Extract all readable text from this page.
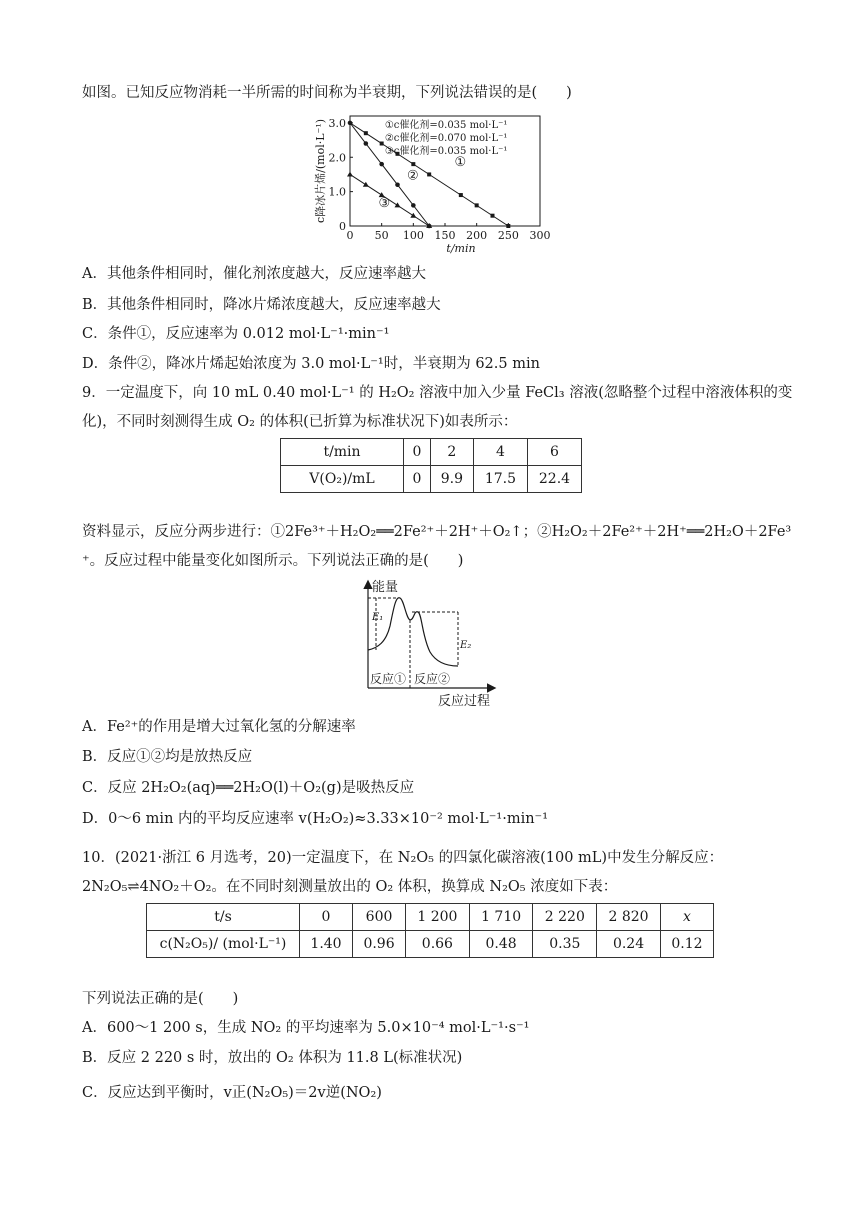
如图。已知反应物消耗一半所需的时间称为半衰期，下列说法错误的是(　　)
0 50 100 150 200 250 300
0
1.0
2.0
3.0
t/min
c降冰片烯/(mol·L⁻¹)	①
②
③
①c催化剂=0.035 mol·L⁻¹
②c催化剂=0.070 mol·L⁻¹
③c催化剂=0.035 mol·L⁻¹
A．其他条件相同时，催化剂浓度越大，反应速率越大
B．其他条件相同时，降冰片烯浓度越大，反应速率越大
C．条件①，反应速率为 0.012 mol·L⁻¹·min⁻¹
D．条件②，降冰片烯起始浓度为 3.0 mol·L⁻¹时，半衰期为 62.5 min
9．一定温度下，向 10 mL 0.40 mol·L⁻¹ 的 H₂O₂ 溶液中加入少量 FeCl₃ 溶液(忽略整个过程中溶液体积的变
化)，不同时刻测得生成 O₂ 的体积(已折算为标准状况下)如表所示：
t/min	0	2	4	6
V(O₂)/mL	0	9.9	17.5	22.4
资料显示，反应分两步进行：①2Fe³⁺＋H₂O₂══2Fe²⁺＋2H⁺＋O₂↑；②H₂O₂＋2Fe²⁺＋2H⁺══2H₂O＋2Fe³
⁺。反应过程中能量变化如图所示。下列说法正确的是(　　)
能量
反应过程
E₁
E₂
反应① 反应②
A．Fe²⁺的作用是增大过氧化氢的分解速率
B．反应①②均是放热反应
C．反应 2H₂O₂(aq)══2H₂O(l)＋O₂(g)是吸热反应
D．0～6 min 内的平均反应速率 v(H₂O₂)≈3.33×10⁻² mol·L⁻¹·min⁻¹
10．(2021·浙江 6 月选考，20)一定温度下，在 N₂O₅ 的四氯化碳溶液(100 mL)中发生分解反应：
2N₂O₅⇌4NO₂＋O₂。在不同时刻测量放出的 O₂ 体积，换算成 N₂O₅ 浓度如下表：
t/s	0	600	1 200	1 710	2 220	2 820	x
c(N₂O₅)/ (mol·L⁻¹)	1.40	0.96	0.66	0.48	0.35	0.24	0.12
下列说法正确的是(　　)
A．600～1 200 s，生成 NO₂ 的平均速率为 5.0×10⁻⁴ mol·L⁻¹·s⁻¹
B．反应 2 220 s 时，放出的 O₂ 体积为 11.8 L(标准状况)
C．反应达到平衡时，v正(N₂O₅)＝2v逆(NO₂)
